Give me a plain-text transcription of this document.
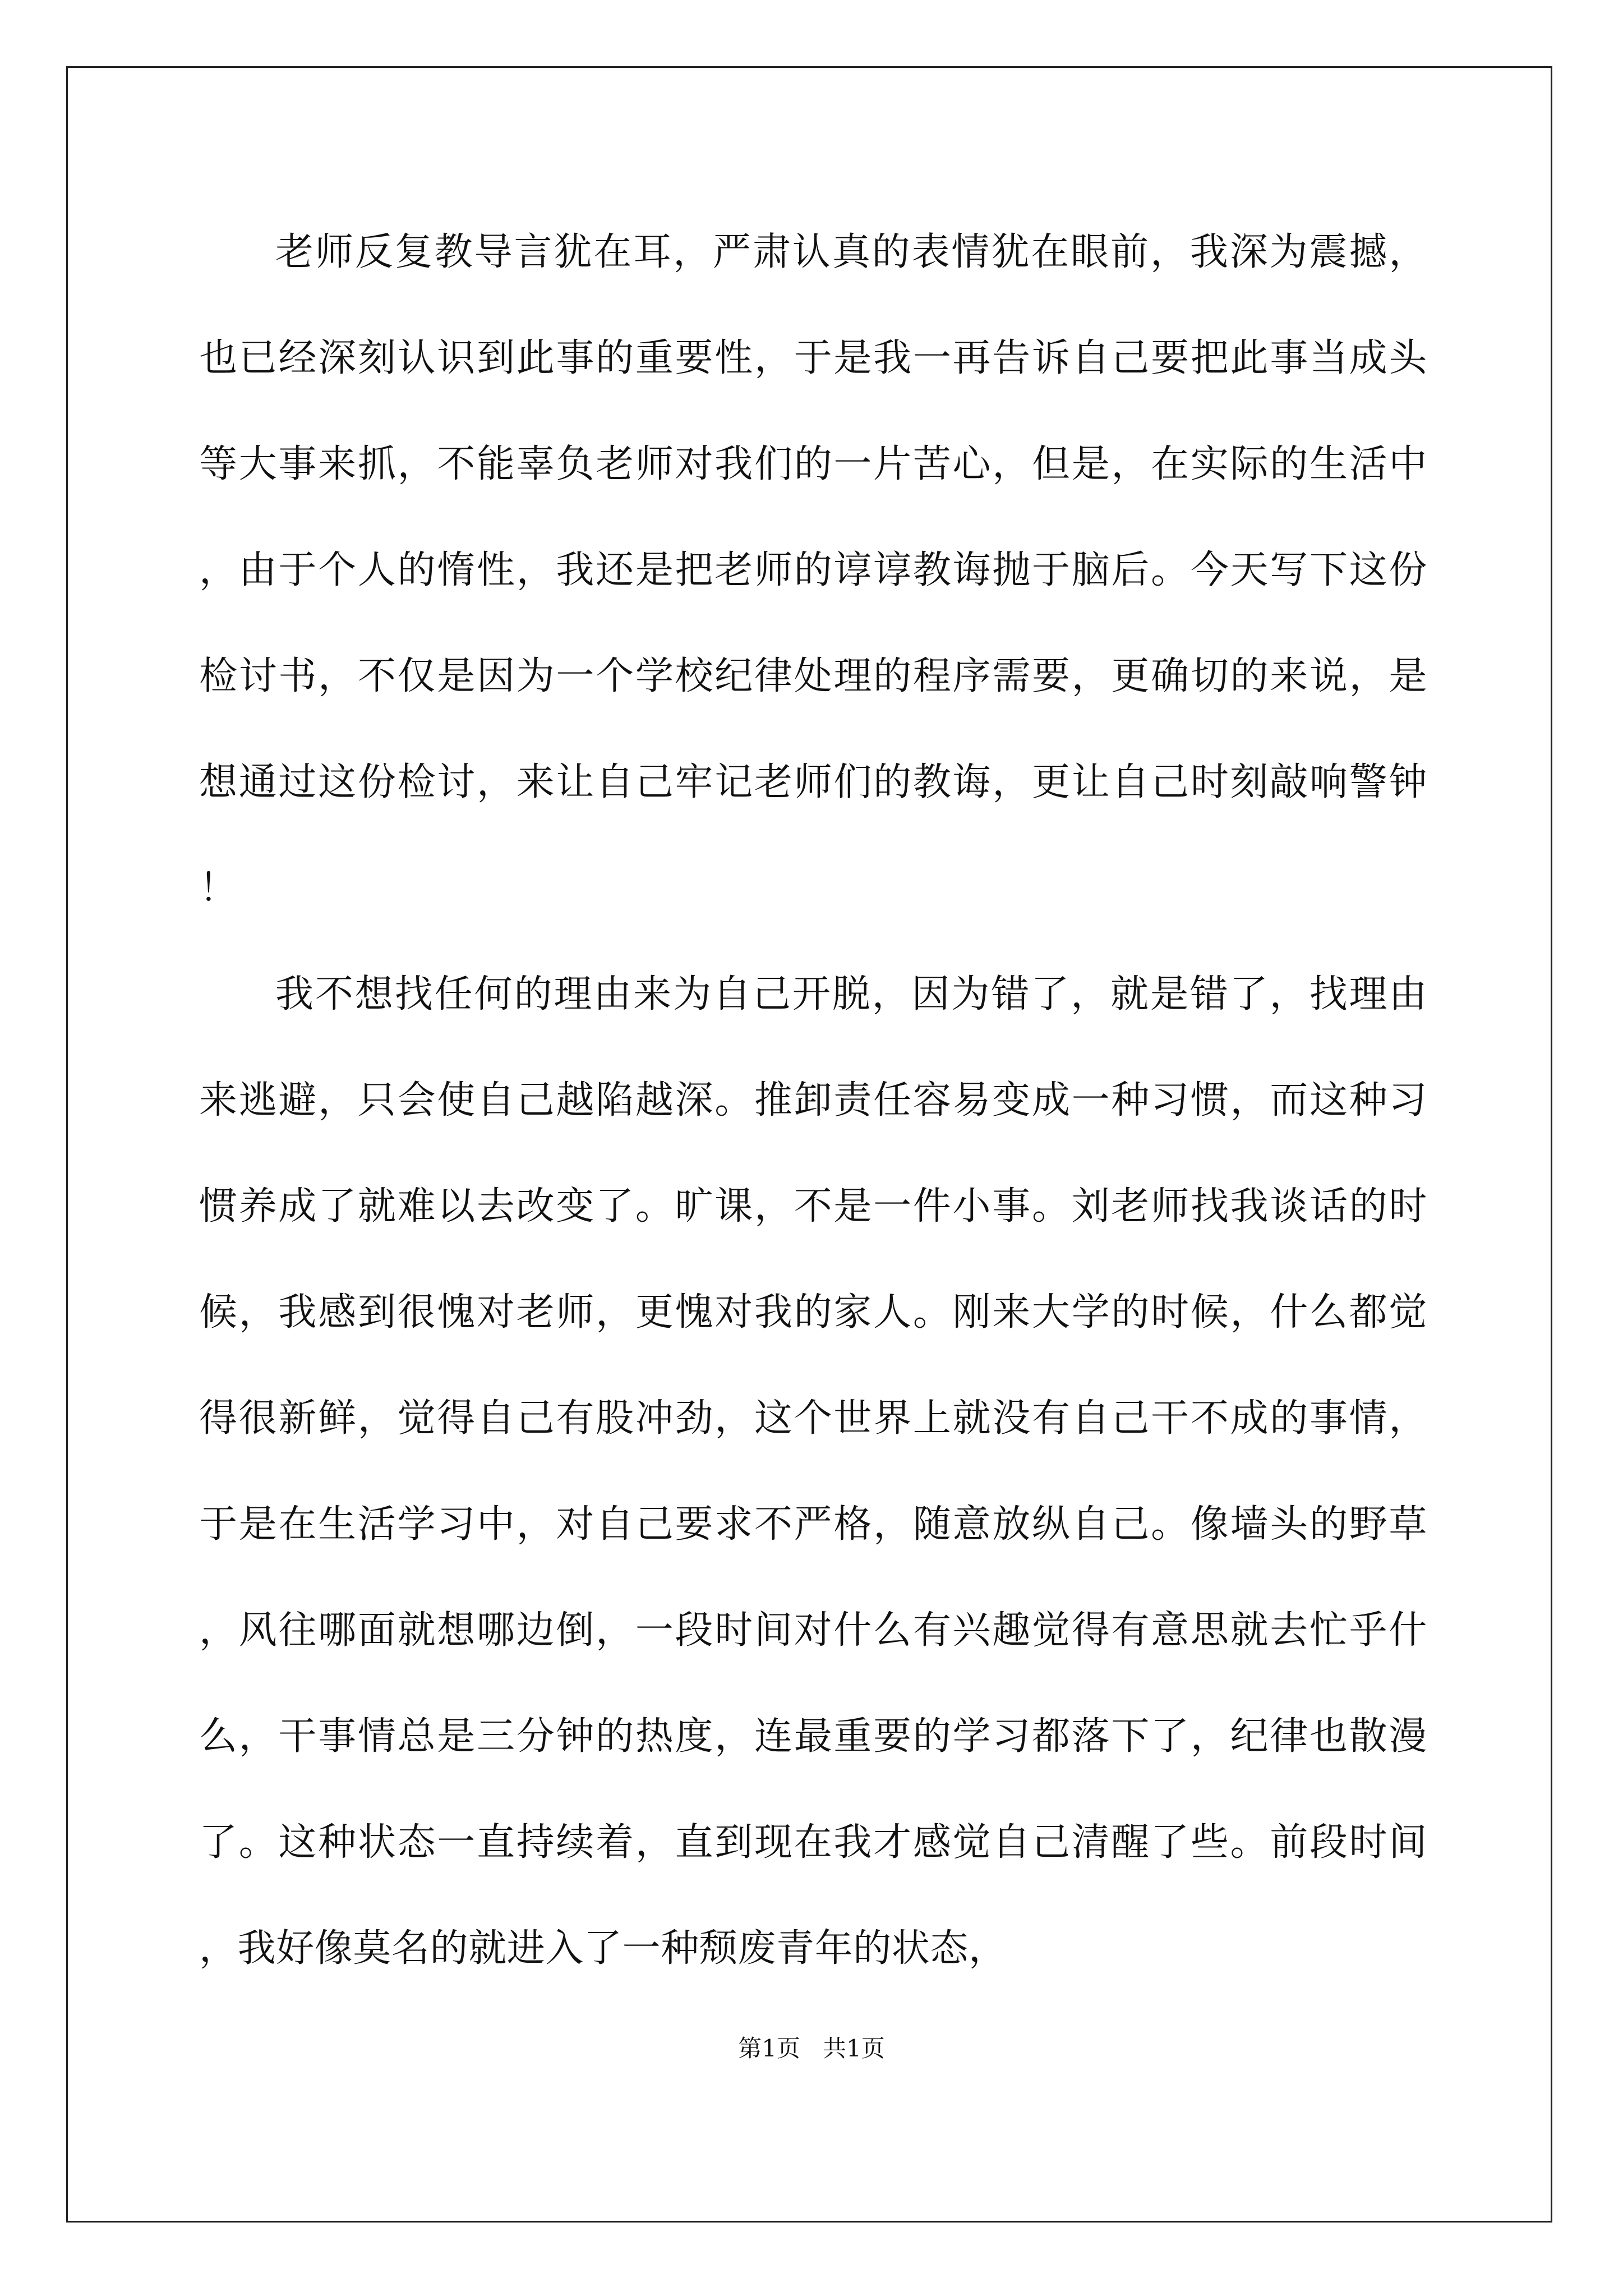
老师反复教导言犹在耳，严肃认真的表情犹在眼前，我深为震撼，也已经深刻认识到此事的重要性，于是我一再告诉自己要把此事当成头等大事来抓，不能辜负老师对我们的一片苦心，但是，在实际的生活中，由于个人的惰性，我还是把老师的谆谆教诲抛于脑后。今天写下这份检讨书，不仅是因为一个学校纪律处理的程序需要，更确切的来说，是想通过这份检讨，来让自己牢记老师们的教诲，更让自己时刻敲响警钟！

我不想找任何的理由来为自己开脱，因为错了，就是错了，找理由来逃避，只会使自己越陷越深。推卸责任容易变成一种习惯，而这种习惯养成了就难以去改变了。旷课，不是一件小事。刘老师找我谈话的时候，我感到很愧对老师，更愧对我的家人。刚来大学的时候，什么都觉得很新鲜，觉得自己有股冲劲，这个世界上就没有自己干不成的事情，于是在生活学习中，对自己要求不严格，随意放纵自己。像墙头的野草，风往哪面就想哪边倒，一段时间对什么有兴趣觉得有意思就去忙乎什么，干事情总是三分钟的热度，连最重要的学习都落下了，纪律也散漫了。这种状态一直持续着，直到现在我才感觉自己清醒了些。前段时间，我好像莫名的就进入了一种颓废青年的状态，

第1页   共1页
